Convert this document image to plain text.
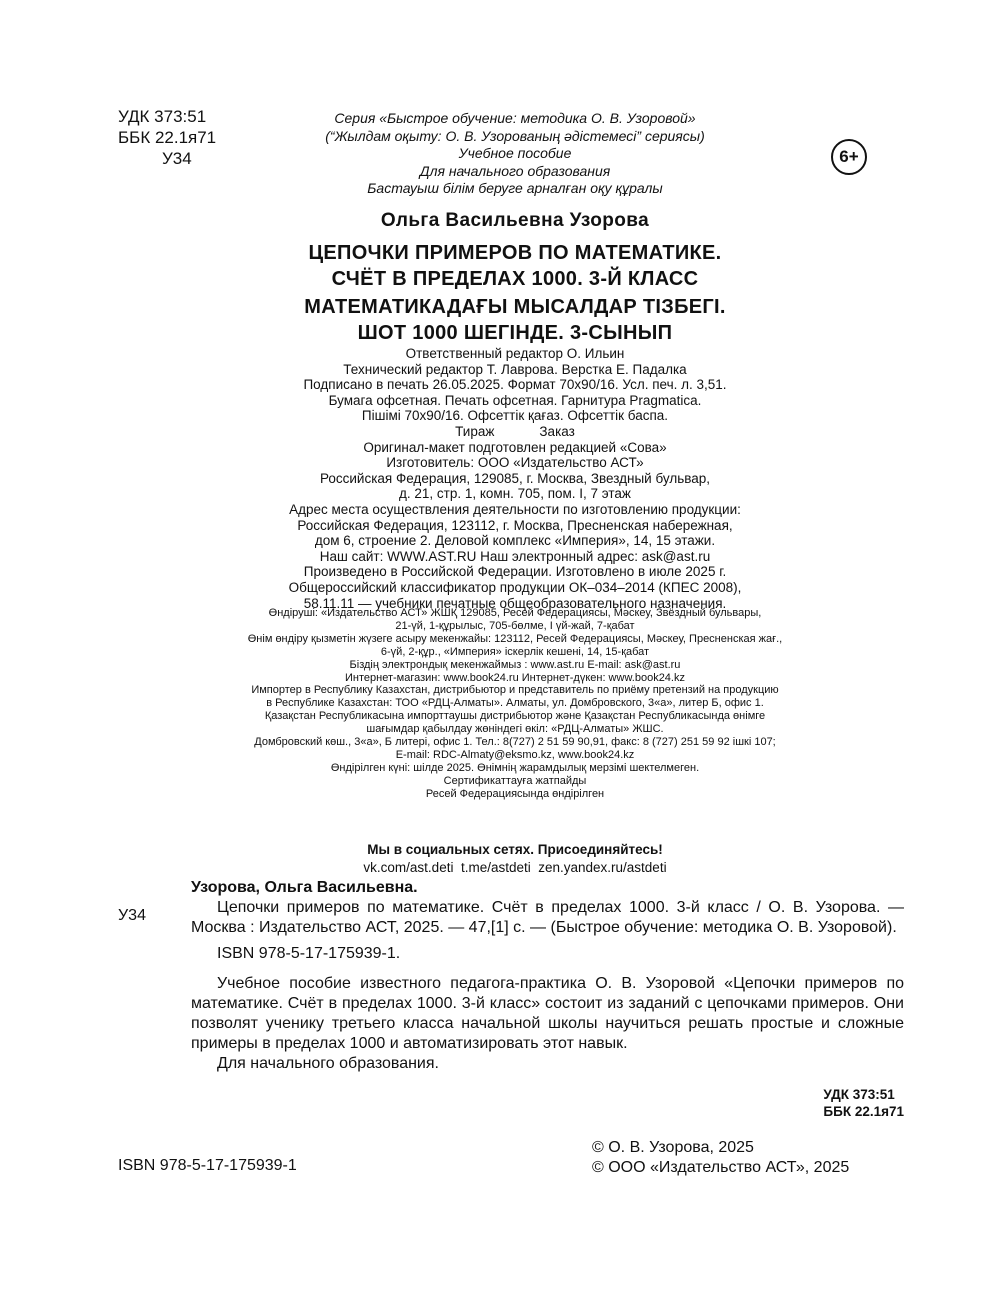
УДК 373:51
ББК 22.1я71
У34
Серия «Быстрое обучение: методика О. В. Узоровой»
(“Жылдам оқыту: О. В. Узорованың әдістемесі” сериясы)
Учебное пособие
Для начального образования
Бастауыш білім беруге арналған оқу құралы
6+
Ольга Васильевна Узорова
ЦЕПОЧКИ ПРИМЕРОВ ПО МАТЕМАТИКЕ.
СЧЁТ В ПРЕДЕЛАХ 1000. 3-Й КЛАСС
МАТЕМАТИКАДАҒЫ МЫСАЛДАР ТІЗБЕГІ.
ШОТ 1000 ШЕГІНДЕ. 3-СЫНЫП
Ответственный редактор О. Ильин
Технический редактор Т. Лаврова. Верстка Е. Падалка
Подписано в печать 26.05.2025. Формат 70x90/16. Усл. печ. л. 3,51.
Бумага офсетная. Печать офсетная. Гарнитура Pragmatica.
Пішімі 70x90/16. Офсеттік қағаз. Офсеттік баспа.
Тираж            Заказ
Оригинал-макет подготовлен редакцией «Сова»
Изготовитель: ООО «Издательство АСТ»
Российская Федерация, 129085, г. Москва, Звездный бульвар,
д. 21, стр. 1, комн. 705, пом. I, 7 этаж
Адрес места осуществления деятельности по изготовлению продукции:
Российская Федерация, 123112, г. Москва, Пресненская набережная,
дом 6, строение 2. Деловой комплекс «Империя», 14, 15 этажи.
Наш сайт: WWW.AST.RU Наш электронный адрес: ask@ast.ru
Произведено в Российской Федерации. Изготовлено в июле 2025 г.
Общероссийский классификатор продукции ОК–034–2014 (КПЕС 2008),
58.11.11 — учебники печатные общеобразовательного назначения.
Өндіруші: «Издательство АСТ» ЖШҚ 129085, Ресей Федерациясы, Мәскеу, Звёздный бульвары,
21-үй, 1-құрылыс, 705-бөлме, I үй-жай, 7-қабат
Өнім өндіру қызметін жүзеге асыру мекенжайы: 123112, Ресей Федерациясы, Мәскеу, Пресненская жағ.,
6-үй, 2-құр., «Империя» іскерлік кешені, 14, 15-қабат
Біздің электрондық мекенжаймыз : www.ast.ru E-mail: ask@ast.ru
Интернет-магазин: www.book24.ru Интернет-дүкен: www.book24.kz
Импортер в Республику Казахстан, дистрибьютор и представитель по приёму претензий на продукцию
в Республике Казахстан: ТОО «РДЦ-Алматы». Алматы, ул. Домбровского, 3«а», литер Б, офис 1.
Қазақстан Республикасына импорттаушы дистрибьютор және Қазақстан Республикасында өнімге
шағымдар қабылдау жөніндегі өкіл: «РДЦ-Алматы» ЖШС.
Домбровский көш., 3«а», Б литері, офис 1. Тел.: 8(727) 2 51 59 90,91, факс: 8 (727) 251 59 92 ішкі 107;
E-mail: RDC-Almaty@eksmo.kz, www.book24.kz
Өндірілген күні: шілде 2025. Өнімнің жарамдылық мерзімі шектелмеген.
Сертификаттауға жатпайды
Ресей Федерациясында өндірілген
Мы в социальных сетях. Присоединяйтесь!
vk.com/ast.deti  t.me/astdeti  zen.yandex.ru/astdeti
Узорова, Ольга Васильевна.
У34	Цепочки примеров по математике. Счёт в пределах 1000. 3-й класс / О. В. Узорова. — Москва : Издательство АСТ, 2025. — 47,[1] с. — (Быстрое обучение: методика О. В. Узоровой).

ISBN 978-5-17-175939-1.

Учебное пособие известного педагога-практика О. В. Узоровой «Цепочки примеров по математике. Счёт в пределах 1000. 3-й класс» состоит из заданий с цепочками примеров. Они позволят ученику третьего класса начальной школы научиться решать простые и сложные примеры в пределах 1000 и автоматизировать этот навык.

Для начального образования.

УДК 373:51
ББК 22.1я71
© О. В. Узорова, 2025
© ООО «Издательство АСТ», 2025
ISBN 978-5-17-175939-1
